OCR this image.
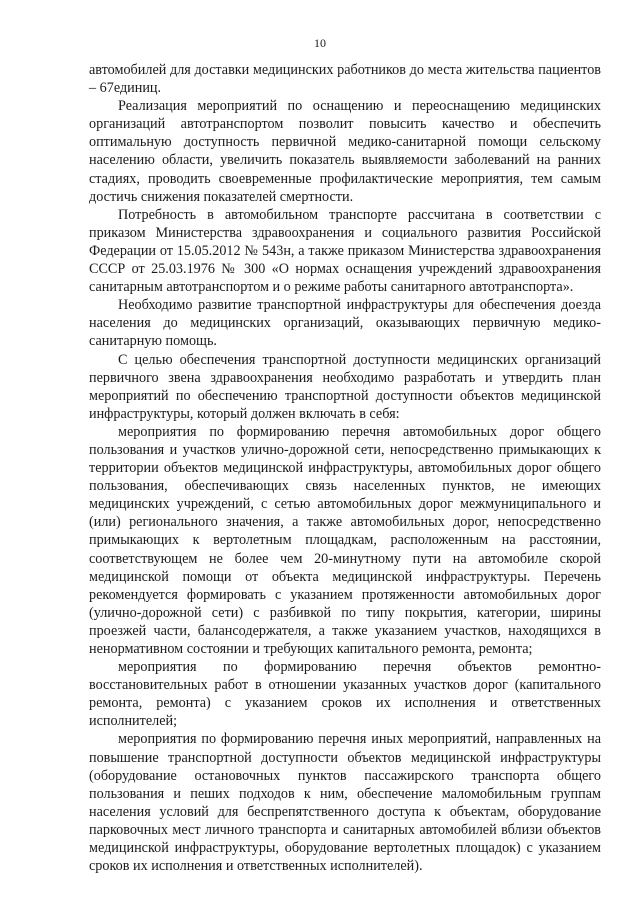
10

автомобилей для доставки медицинских работников до места жительства пациентов – 67единиц.

Реализация мероприятий по оснащению и переоснащению медицинских организаций автотранспортом позволит повысить качество и обеспечить оптимальную доступность первичной медико-санитарной помощи сельскому населению области, увеличить показатель выявляемости заболеваний на ранних стадиях, проводить своевременные профилактические мероприятия, тем самым достичь снижения показателей смертности.

Потребность в автомобильном транспорте рассчитана в соответствии с приказом Министерства здравоохранения и социального развития Российской Федерации от 15.05.2012 № 543н, а также приказом Министерства здравоохранения СССР от 25.03.1976 № 300 «О нормах оснащения учреждений здравоохранения санитарным автотранспортом и о режиме работы санитарного автотранспорта».

Необходимо развитие транспортной инфраструктуры для обеспечения доезда населения до медицинских организаций, оказывающих первичную медико-санитарную помощь.

С целью обеспечения транспортной доступности медицинских организаций первичного звена здравоохранения необходимо разработать и утвердить план мероприятий по обеспечению транспортной доступности объектов медицинской инфраструктуры, который должен включать в себя:

мероприятия по формированию перечня автомобильных дорог общего пользования и участков улично-дорожной сети, непосредственно примыкающих к территории объектов медицинской инфраструктуры, автомобильных дорог общего пользования, обеспечивающих связь населенных пунктов, не имеющих медицинских учреждений, с сетью автомобильных дорог межмуниципального и (или) регионального значения, а также автомобильных дорог, непосредственно примыкающих к вертолетным площадкам, расположенным на расстоянии, соответствующем не более чем 20-минутному пути на автомобиле скорой медицинской помощи от объекта медицинской инфраструктуры. Перечень рекомендуется формировать с указанием протяженности автомобильных дорог (улично-дорожной сети) с разбивкой по типу покрытия, категории, ширины проезжей части, балансодержателя, а также указанием участков, находящихся в ненормативном состоянии и требующих капитального ремонта, ремонта;

мероприятия по формированию перечня объектов ремонтно-восстановительных работ в отношении указанных участков дорог (капитального ремонта, ремонта) с указанием сроков их исполнения и ответственных исполнителей;

мероприятия по формированию перечня иных мероприятий, направленных на повышение транспортной доступности объектов медицинской инфраструктуры (оборудование остановочных пунктов пассажирского транспорта общего пользования и пеших подходов к ним, обеспечение маломобильным группам населения условий для беспрепятственного доступа к объектам, оборудование парковочных мест личного транспорта и санитарных автомобилей вблизи объектов медицинской инфраструктуры, оборудование вертолетных площадок) с указанием сроков их исполнения и ответственных исполнителей).
